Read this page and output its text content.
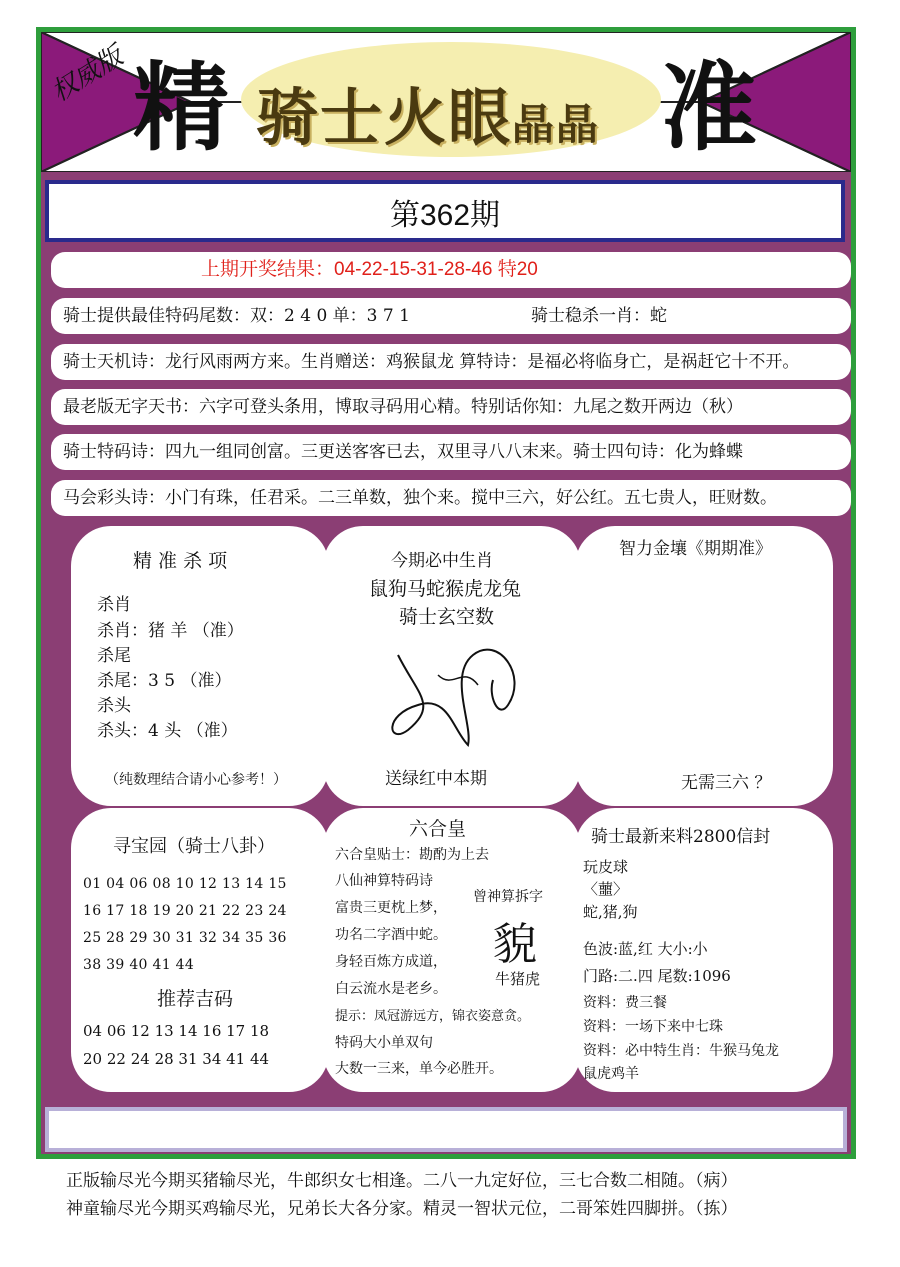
权威版 精 骑士火眼晶晶 准
第362期
上期开奖结果：04-22-15-31-28-46 特20
骑士提供最佳特码尾数：双：2 4 0 单：3 7 1	骑士稳杀一肖：蛇
骑士天机诗：龙行风雨两方来。生肖赠送：鸡猴鼠龙 算特诗：是福必将临身亡，是祸赶它十不开。
最老版无字天书：六字可登头条用，博取寻码用心精。特别话你知：九尾之数开两边（秋）
骑士特码诗：四九一组同创富。三更送客客已去，双里寻八八末来。骑士四句诗：化为蜂蝶
马会彩头诗：小门有珠，任君采。二三单数，独个来。搅中三六，好公红。五七贵人，旺财数。
精 准 杀 项
杀肖
杀肖：猪 羊 （准）
杀尾
杀尾：3 5 （准）
杀头
杀头：4 头 （准）
（纯数理结合请小心参考！）
今期必中生肖
鼠狗马蛇猴虎龙兔
骑士玄空数
送绿红中本期
智力金壤《期期准》
无需三六 ？
寻宝园（骑士八卦）
01 04 06 08 10 12 13 14 15
16 17 18 19 20 21 22 23 24
25 28 29 30 31 32 34 35 36
38 39 40 41 44
推荐吉码
04 06 12 13 14 16 17 18
20 22 24 28 31 34 41 44
六合皇
六合皇贴士：勘酌为上去
八仙神算特码诗
富贵三更枕上梦，
功名二字酒中蛇。
身轻百炼方成道，
白云流水是老乡。
提示：凤冠游远方，锦衣姿意贪。
特码大小单双句
大数一三来，单今必胜开。
曾神算拆字
貌
牛猪虎
骑士最新来料2800信封
玩皮球
〈蘁〉
蛇,猪,狗
色波:蓝,红 大小:小
门路:二.四 尾数:1096
资料：费三餐
资料：一场下来中七珠
资料：必中特生肖：牛猴马兔龙
鼠虎鸡羊
正版输尽光今期买猪输尽光，牛郎织女七相逢。二八一九定好位，三七合数二相随。（病）
神童输尽光今期买鸡输尽光，兄弟长大各分家。精灵一智状元位，二哥笨姓四脚拼。（拣）
